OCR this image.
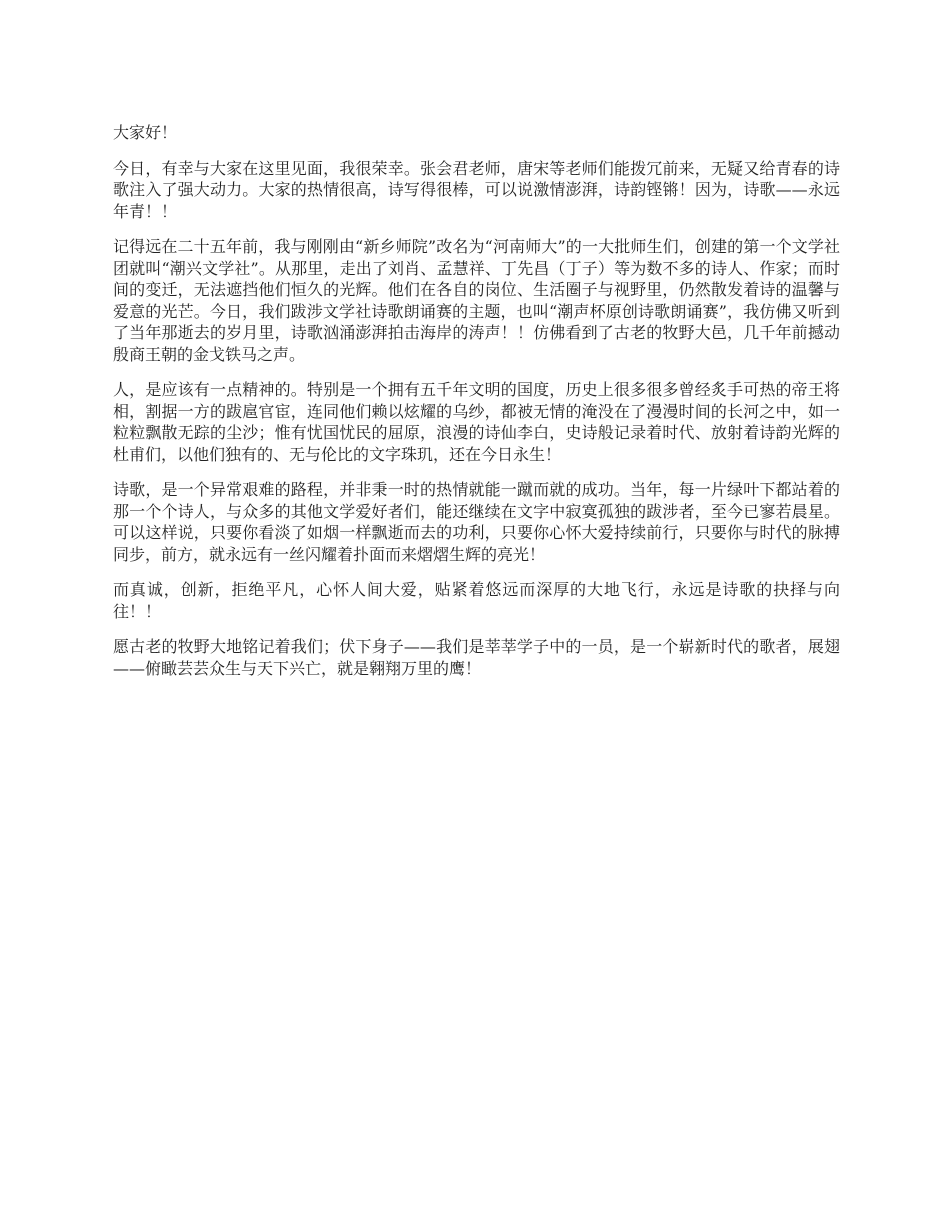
大家好！

今日，有幸与大家在这里见面，我很荣幸。张会君老师，唐宋等老师们能拨冗前来，无疑又给青春的诗歌注入了强大动力。大家的热情很高，诗写得很棒，可以说激情澎湃，诗韵铿锵！因为，诗歌——永远年青！！

记得远在二十五年前，我与刚刚由“新乡师院”改名为“河南师大”的一大批师生们，创建的第一个文学社团就叫“潮兴文学社”。从那里，走出了刘肖、孟慧祥、丁先昌（丁子）等为数不多的诗人、作家；而时间的变迁，无法遮挡他们恒久的光辉。他们在各自的岗位、生活圈子与视野里，仍然散发着诗的温馨与爱意的光芒。今日，我们跋涉文学社诗歌朗诵赛的主题，也叫“潮声杯原创诗歌朗诵赛”，我仿佛又听到了当年那逝去的岁月里，诗歌汹涌澎湃拍击海岸的涛声！！仿佛看到了古老的牧野大邑，几千年前撼动殷商王朝的金戈铁马之声。

人，是应该有一点精神的。特别是一个拥有五千年文明的国度，历史上很多很多曾经炙手可热的帝王将相，割据一方的跋扈官宦，连同他们赖以炫耀的乌纱，都被无情的淹没在了漫漫时间的长河之中，如一粒粒飘散无踪的尘沙；惟有忧国忧民的屈原，浪漫的诗仙李白，史诗般记录着时代、放射着诗韵光辉的杜甫们，以他们独有的、无与伦比的文字珠玑，还在今日永生！

诗歌，是一个异常艰难的路程，并非秉一时的热情就能一蹴而就的成功。当年，每一片绿叶下都站着的那一个个诗人，与众多的其他文学爱好者们，能还继续在文字中寂寞孤独的跋涉者，至今已寥若晨星。可以这样说，只要你看淡了如烟一样飘逝而去的功利，只要你心怀大爱持续前行，只要你与时代的脉搏同步，前方，就永远有一丝闪耀着扑面而来熠熠生辉的亮光！

而真诚，创新，拒绝平凡，心怀人间大爱，贴紧着悠远而深厚的大地飞行，永远是诗歌的抉择与向往！！

愿古老的牧野大地铭记着我们；伏下身子——我们是莘莘学子中的一员，是一个崭新时代的歌者，展翅——俯瞰芸芸众生与天下兴亡，就是翱翔万里的鹰！
